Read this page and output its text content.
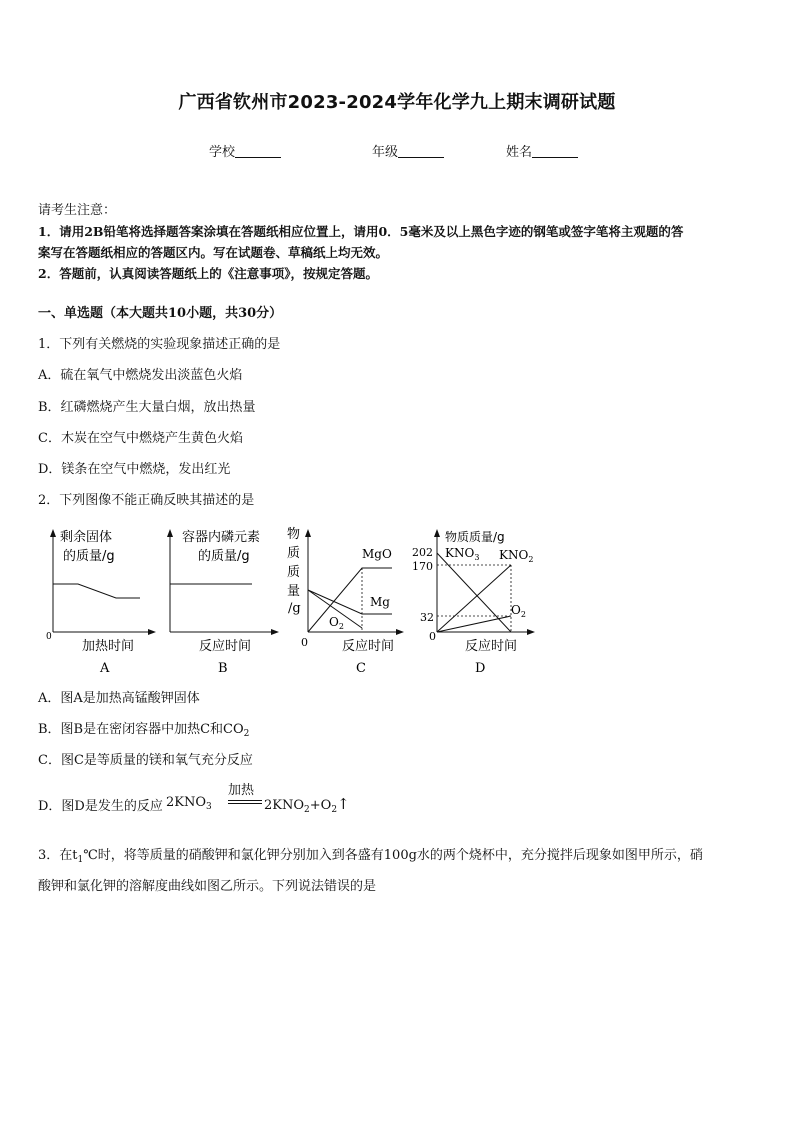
广西省钦州市2023-2024学年化学九上期末调研试题
学校	年级	姓名
请考生注意：
1．请用2B铅笔将选择题答案涂填在答题纸相应位置上，请用0．5毫米及以上黑色字迹的钢笔或签字笔将主观题的答
案写在答题纸相应的答题区内。写在试题卷、草稿纸上均无效。
2．答题前，认真阅读答题纸上的《注意事项》，按规定答题。
一、单选题（本大题共10小题，共30分）
1．下列有关燃烧的实验现象描述正确的是
A．硫在氧气中燃烧发出淡蓝色火焰
B．红磷燃烧产生大量白烟，放出热量
C．木炭在空气中燃烧产生黄色火焰
D．镁条在空气中燃烧，发出红光
2．下列图像不能正确反映其描述的是
剩余固体
的质量/g
0
加热时间
A
容器内磷元素
的质量/g
反应时间
B
物
质
质
量
/g
MgO
Mg
$O_2$
0	反应时间
C
物质质量/g
202
170
32
$KNO_3$ $KNO_2$
$O_2$
0
反应时间
D
A．图A是加热高锰酸钾固体
B．图B是在密闭容器中加热C和$CO_2$
C．图C是等质量的镁和氧气充分反应
D．图D是发生的反应 $2KNO_3$
加热
$2KNO_2+O_2↑$
3．在$t_1℃$时，将等质量的硝酸钾和氯化钾分别加入到各盛有100g水的两个烧杯中，充分搅拌后现象如图甲所示，硝
酸钾和氯化钾的溶解度曲线如图乙所示。下列说法错误的是
